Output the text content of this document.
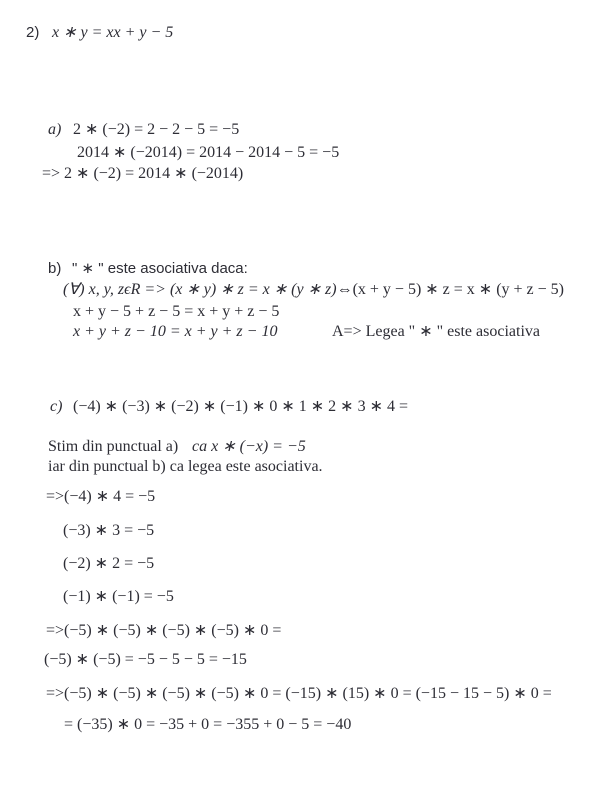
2) x ∗ y = xx + y − 5
a) 2 ∗ (−2) = 2 − 2 − 5 = −5
2014 ∗ (−2014) = 2014 − 2014 − 5 = −5
=> 2 ∗ (−2) = 2014 ∗ (−2014)
b) " ∗ " este asociativa daca:
(∀) x, y, zϵR => (x ∗ y) ∗ z = x ∗ (y ∗ z)⇔(x + y − 5) ∗ z = x ∗ (y + z − 5)
x + y − 5 + z − 5 = x + y + z − 5
x + y + z − 10 = x + y + z − 10	A=> Legea " ∗ " este asociativa
c) (−4) ∗ (−3) ∗ (−2) ∗ (−1) ∗ 0 ∗ 1 ∗ 2 ∗ 3 ∗ 4 =
Stim din punctual a) ca x ∗ (−x) = −5
iar din punctual b) ca legea este asociativa.
=>(−4) ∗ 4 = −5
(−3) ∗ 3 = −5
(−2) ∗ 2 = −5
(−1) ∗ (−1) = −5
=>(−5) ∗ (−5) ∗ (−5) ∗ (−5) ∗ 0 =
(−5) ∗ (−5) = −5 − 5 − 5 = −15
=>(−5) ∗ (−5) ∗ (−5) ∗ (−5) ∗ 0 = (−15) ∗ (15) ∗ 0 = (−15 − 15 − 5) ∗ 0 =
= (−35) ∗ 0 = −35 + 0 = −355 + 0 − 5 = −40
